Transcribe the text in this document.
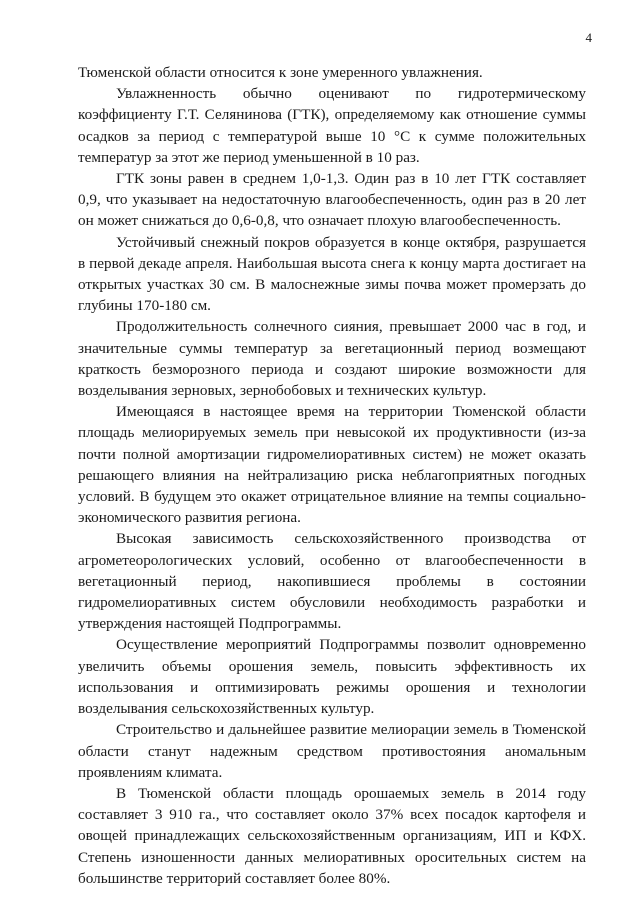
4

Тюменской области относится к зоне умеренного увлажнения.

Увлажненность обычно оценивают по гидротермическому коэффициенту Г.Т. Селянинова (ГТК), определяемому как отношение суммы осадков за период с температурой выше 10 °С к сумме положительных температур за этот же период уменьшенной в 10 раз.

ГТК зоны равен в среднем 1,0-1,3. Один раз в 10 лет ГТК составляет 0,9, что указывает на недостаточную влагообеспеченность, один раз в 20 лет он может снижаться до 0,6-0,8, что означает плохую влагообеспеченность.

Устойчивый снежный покров образуется в конце октября, разрушается в первой декаде апреля. Наибольшая высота снега к концу марта достигает на открытых участках 30 см. В малоснежные зимы почва может промерзать до глубины 170-180 см.

Продолжительность солнечного сияния, превышает 2000 час в год, и значительные суммы температур за вегетационный период возмещают краткость безморозного периода и создают широкие возможности для возделывания зерновых, зернобобовых и технических культур.

Имеющаяся в настоящее время на территории Тюменской области площадь мелиорируемых земель при невысокой их продуктивности (из-за почти полной амортизации гидромелиоративных систем) не может оказать решающего влияния на нейтрализацию риска неблагоприятных погодных условий. В будущем это окажет отрицательное влияние на темпы социально-экономического развития региона.

Высокая зависимость сельскохозяйственного производства от агрометеорологических условий, особенно от влагообеспеченности в вегетационный период, накопившиеся проблемы в состоянии гидромелиоративных систем обусловили необходимость разработки и утверждения настоящей Подпрограммы.

Осуществление мероприятий Подпрограммы позволит одновременно увеличить объемы орошения земель, повысить эффективность их использования и оптимизировать режимы орошения и технологии возделывания сельскохозяйственных культур.

Строительство и дальнейшее развитие мелиорации земель в Тюменской области станут надежным средством противостояния аномальным проявлениям климата.

В Тюменской области площадь орошаемых земель в 2014 году составляет 3 910 га., что составляет около 37% всех посадок картофеля и овощей принадлежащих сельскохозяйственным организациям, ИП и КФХ. Степень изношенности данных мелиоративных оросительных систем на большинстве территорий составляет более 80%.
